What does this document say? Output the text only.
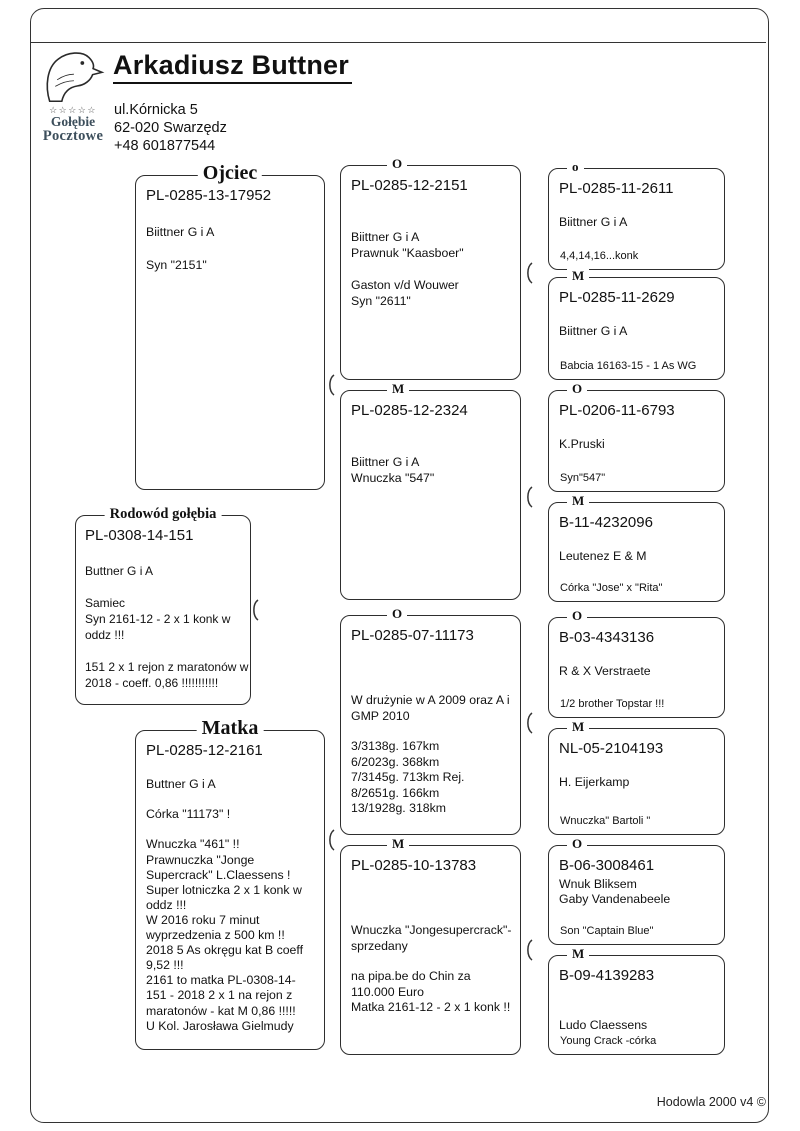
☆☆☆☆☆
Gołębie
Pocztowe
Arkadiusz Buttner
ul.Kórnicka 5
62-020 Swarzędz
+48 601877544
Ojciec
PL-0285-13-17952

Biittner G i A

Syn "2151"
Rodowód gołębia
PL-0308-14-151

Buttner G i A

Samiec
Syn 2161-12 - 2 x 1 konk w
oddz !!!

151 2 x 1 rejon z maratonów w
2018 - coeff. 0,86 !!!!!!!!!!!
Matka
PL-0285-12-2161

Buttner G i A

Córka "11173" !

Wnuczka "461" !!
Prawnuczka "Jonge
Supercrack" L.Claessens !
Super lotniczka 2 x 1 konk w
oddz !!!
W 2016 roku 7 minut
wyprzedzenia z 500 km !!
2018 5 As okręgu kat B coeff
9,52 !!!
2161 to matka PL-0308-14-
151 - 2018 2 x 1 na rejon z
maratonów - kat M 0,86 !!!!!
U Kol. Jarosława Gielmudy
O
PL-0285-12-2151

Biittner G i A
Prawnuk "Kaasboer"

Gaston v/d Wouwer
Syn "2611"
M
PL-0285-12-2324

Biittner G i A
Wnuczka "547"
O
PL-0285-07-11173

W drużynie w A 2009 oraz A i
GMP 2010

3/3138g. 167km
6/2023g. 368km
7/3145g. 713km Rej.
8/2651g. 166km
13/1928g. 318km
M
PL-0285-10-13783

Wnuczka "Jongesupercrack"-
sprzedany

na pipa.be do Chin za
110.000 Euro
Matka 2161-12 - 2 x 1 konk !!
o
PL-0285-11-2611

Biittner G i A
4,4,14,16...konk
M
PL-0285-11-2629

Biittner G i A
Babcia 16163-15 - 1 As WG
O
PL-0206-11-6793

K.Pruski
Syn"547"
M
B-11-4232096

Leutenez E & M
Córka "Jose" x "Rita"
O
B-03-4343136

R & X Verstraete
1/2 brother Topstar !!!
M
NL-05-2104193

H. Eijerkamp
Wnuczka" Bartoli "
O
B-06-3008461
Wnuk Bliksem
Gaby Vandenabeele
Son "Captain Blue"
M
B-09-4139283

Ludo Claessens
Young Crack -córka
Hodowla 2000 v4 ©
